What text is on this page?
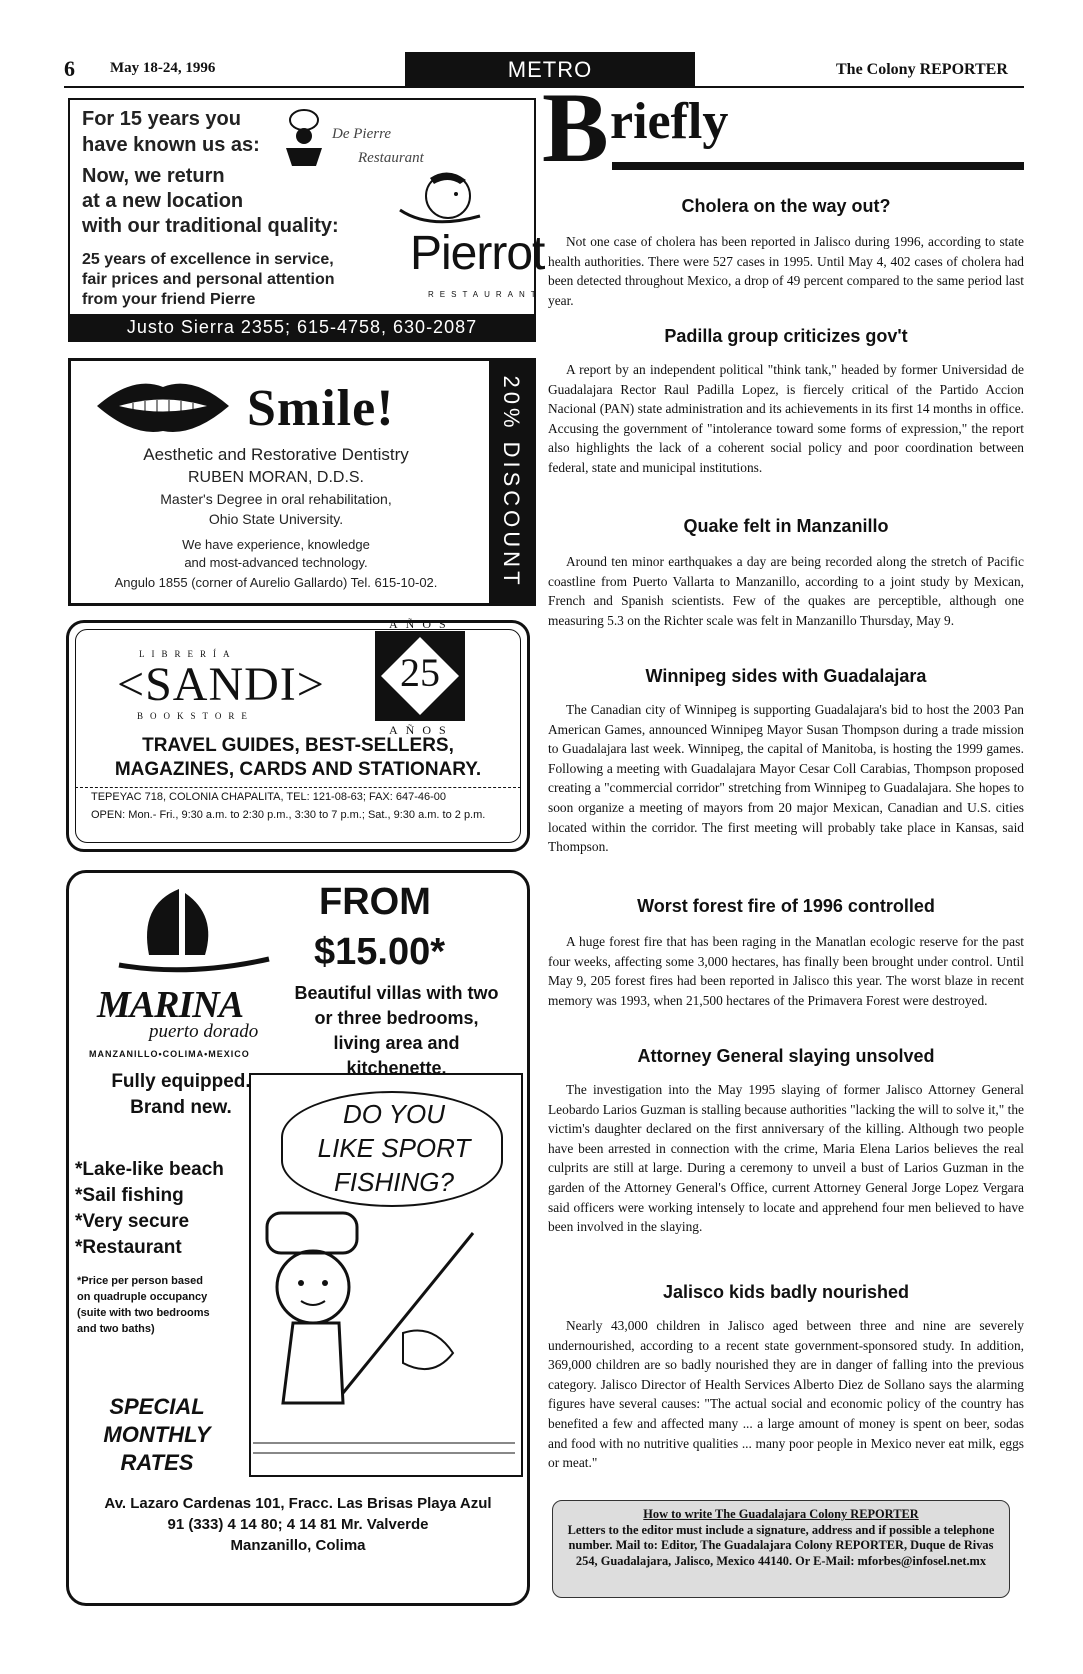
6 May 18-24, 1996	METRO	The Colony REPORTER
For 15 years you
have known us as:	De Pierre
Restaurant
Now, we return
at a new location
with our traditional quality:
25 years of excellence in service,
fair prices and personal attention
from your friend Pierre
Pierrot
RESTAURANT
Justo Sierra 2355; 615-4758, 630-2087
Smile!
Aesthetic and Restorative Dentistry
RUBEN MORAN, D.D.S.
Master's Degree in oral rehabilitation,
Ohio State University.
We have experience, knowledge
and most-advanced technology.
Angulo 1855 (corner of Aurelio Gallardo) Tel. 615-10-02.	20% DISCOUNT
LIBRERÍA
<SANDI>
BOOKSTORE
AÑOS
25
AÑOS
TRAVEL GUIDES, BEST-SELLERS,
MAGAZINES, CARDS AND STATIONARY.
TEPEYAC 718, COLONIA CHAPALITA, TEL: 121-08-63; FAX: 647-46-00
OPEN: Mon.- Fri., 9:30 a.m. to 2:30 p.m., 3:30 to 7 p.m.; Sat., 9:30 a.m. to 2 p.m.
MARINA
puerto dorado
MANZANILLO•COLIMA•MEXICO
FROM
$15.00*
Beautiful villas with two
or three bedrooms,
living area and
kitchenette.
Fully equipped.
Brand new.
*Lake-like beach
*Sail fishing
*Very secure
*Restaurant
*Price per person based
on quadruple occupancy
(suite with two bedrooms
and two baths)
DO YOU
LIKE SPORT
FISHING?
SPECIAL
MONTHLY
RATES
Av. Lazaro Cardenas 101, Fracc. Las Brisas Playa Azul
91 (333) 4 14 80; 4 14 81 Mr. Valverde
Manzanillo, Colima
B riefly
Cholera on the way out?
Not one case of cholera has been reported in Jalisco during 1996, according to state health authorities. There were 527 cases in 1995. Until May 4, 402 cases of cholera had been detected throughout Mexico, a drop of 49 percent compared to the same period last year.
Padilla group criticizes gov't
A report by an independent political "think tank," headed by former Universidad de Guadalajara Rector Raul Padilla Lopez, is fiercely critical of the Partido Accion Nacional (PAN) state administration and its achievements in its first 14 months in office. Accusing the government of "intolerance toward some forms of expression," the report also highlights the lack of a coherent social policy and poor coordination between federal, state and municipal institutions.
Quake felt in Manzanillo
Around ten minor earthquakes a day are being recorded along the stretch of Pacific coastline from Puerto Vallarta to Manzanillo, according to a joint study by Mexican, French and Spanish scientists. Few of the quakes are perceptible, although one measuring 5.3 on the Richter scale was felt in Manzanillo Thursday, May 9.
Winnipeg sides with Guadalajara
The Canadian city of Winnipeg is supporting Guadalajara's bid to host the 2003 Pan American Games, announced Winnipeg Mayor Susan Thompson during a trade mission to Guadalajara last week. Winnipeg, the capital of Manitoba, is hosting the 1999 games. Following a meeting with Guadalajara Mayor Cesar Coll Carabias, Thompson proposed creating a "commercial corridor" stretching from Winnipeg to Guadalajara. She hopes to soon organize a meeting of mayors from 20 major Mexican, Canadian and U.S. cities located within the corridor. The first meeting will probably take place in Kansas, said Thompson.
Worst forest fire of 1996 controlled
A huge forest fire that has been raging in the Manatlan ecologic reserve for the past four weeks, affecting some 3,000 hectares, has finally been brought under control. Until May 9, 205 forest fires had been reported in Jalisco this year. The worst blaze in recent memory was 1993, when 21,500 hectares of the Primavera Forest were destroyed.
Attorney General slaying unsolved
The investigation into the May 1995 slaying of former Jalisco Attorney General Leobardo Larios Guzman is stalling because authorities "lacking the will to solve it," the victim's daughter declared on the first anniversary of the killing. Although two people have been arrested in connection with the crime, Maria Elena Larios believes the real culprits are still at large. During a ceremony to unveil a bust of Larios Guzman in the garden of the Attorney General's Office, current Attorney General Jorge Lopez Vergara said officers were working intensely to locate and apprehend four men believed to have been involved in the slaying.
Jalisco kids badly nourished
Nearly 43,000 children in Jalisco aged between three and nine are severely undernourished, according to a recent state government-sponsored study. In addition, 369,000 children are so badly nourished they are in danger of falling into the previous category. Jalisco Director of Health Services Alberto Diez de Sollano says the alarming figures have several causes: "The actual social and economic policy of the country has benefited a few and affected many ... a large amount of money is spent on beer, sodas and food with no nutritive qualities ... many poor people in Mexico never eat milk, eggs or meat."
How to write The Guadalajara Colony REPORTER
Letters to the editor must include a signature, address and if possible a telephone number. Mail to: Editor, The Guadalajara Colony REPORTER, Duque de Rivas 254, Guadalajara, Jalisco, Mexico 44140. Or E-Mail: mforbes@infosel.net.mx
